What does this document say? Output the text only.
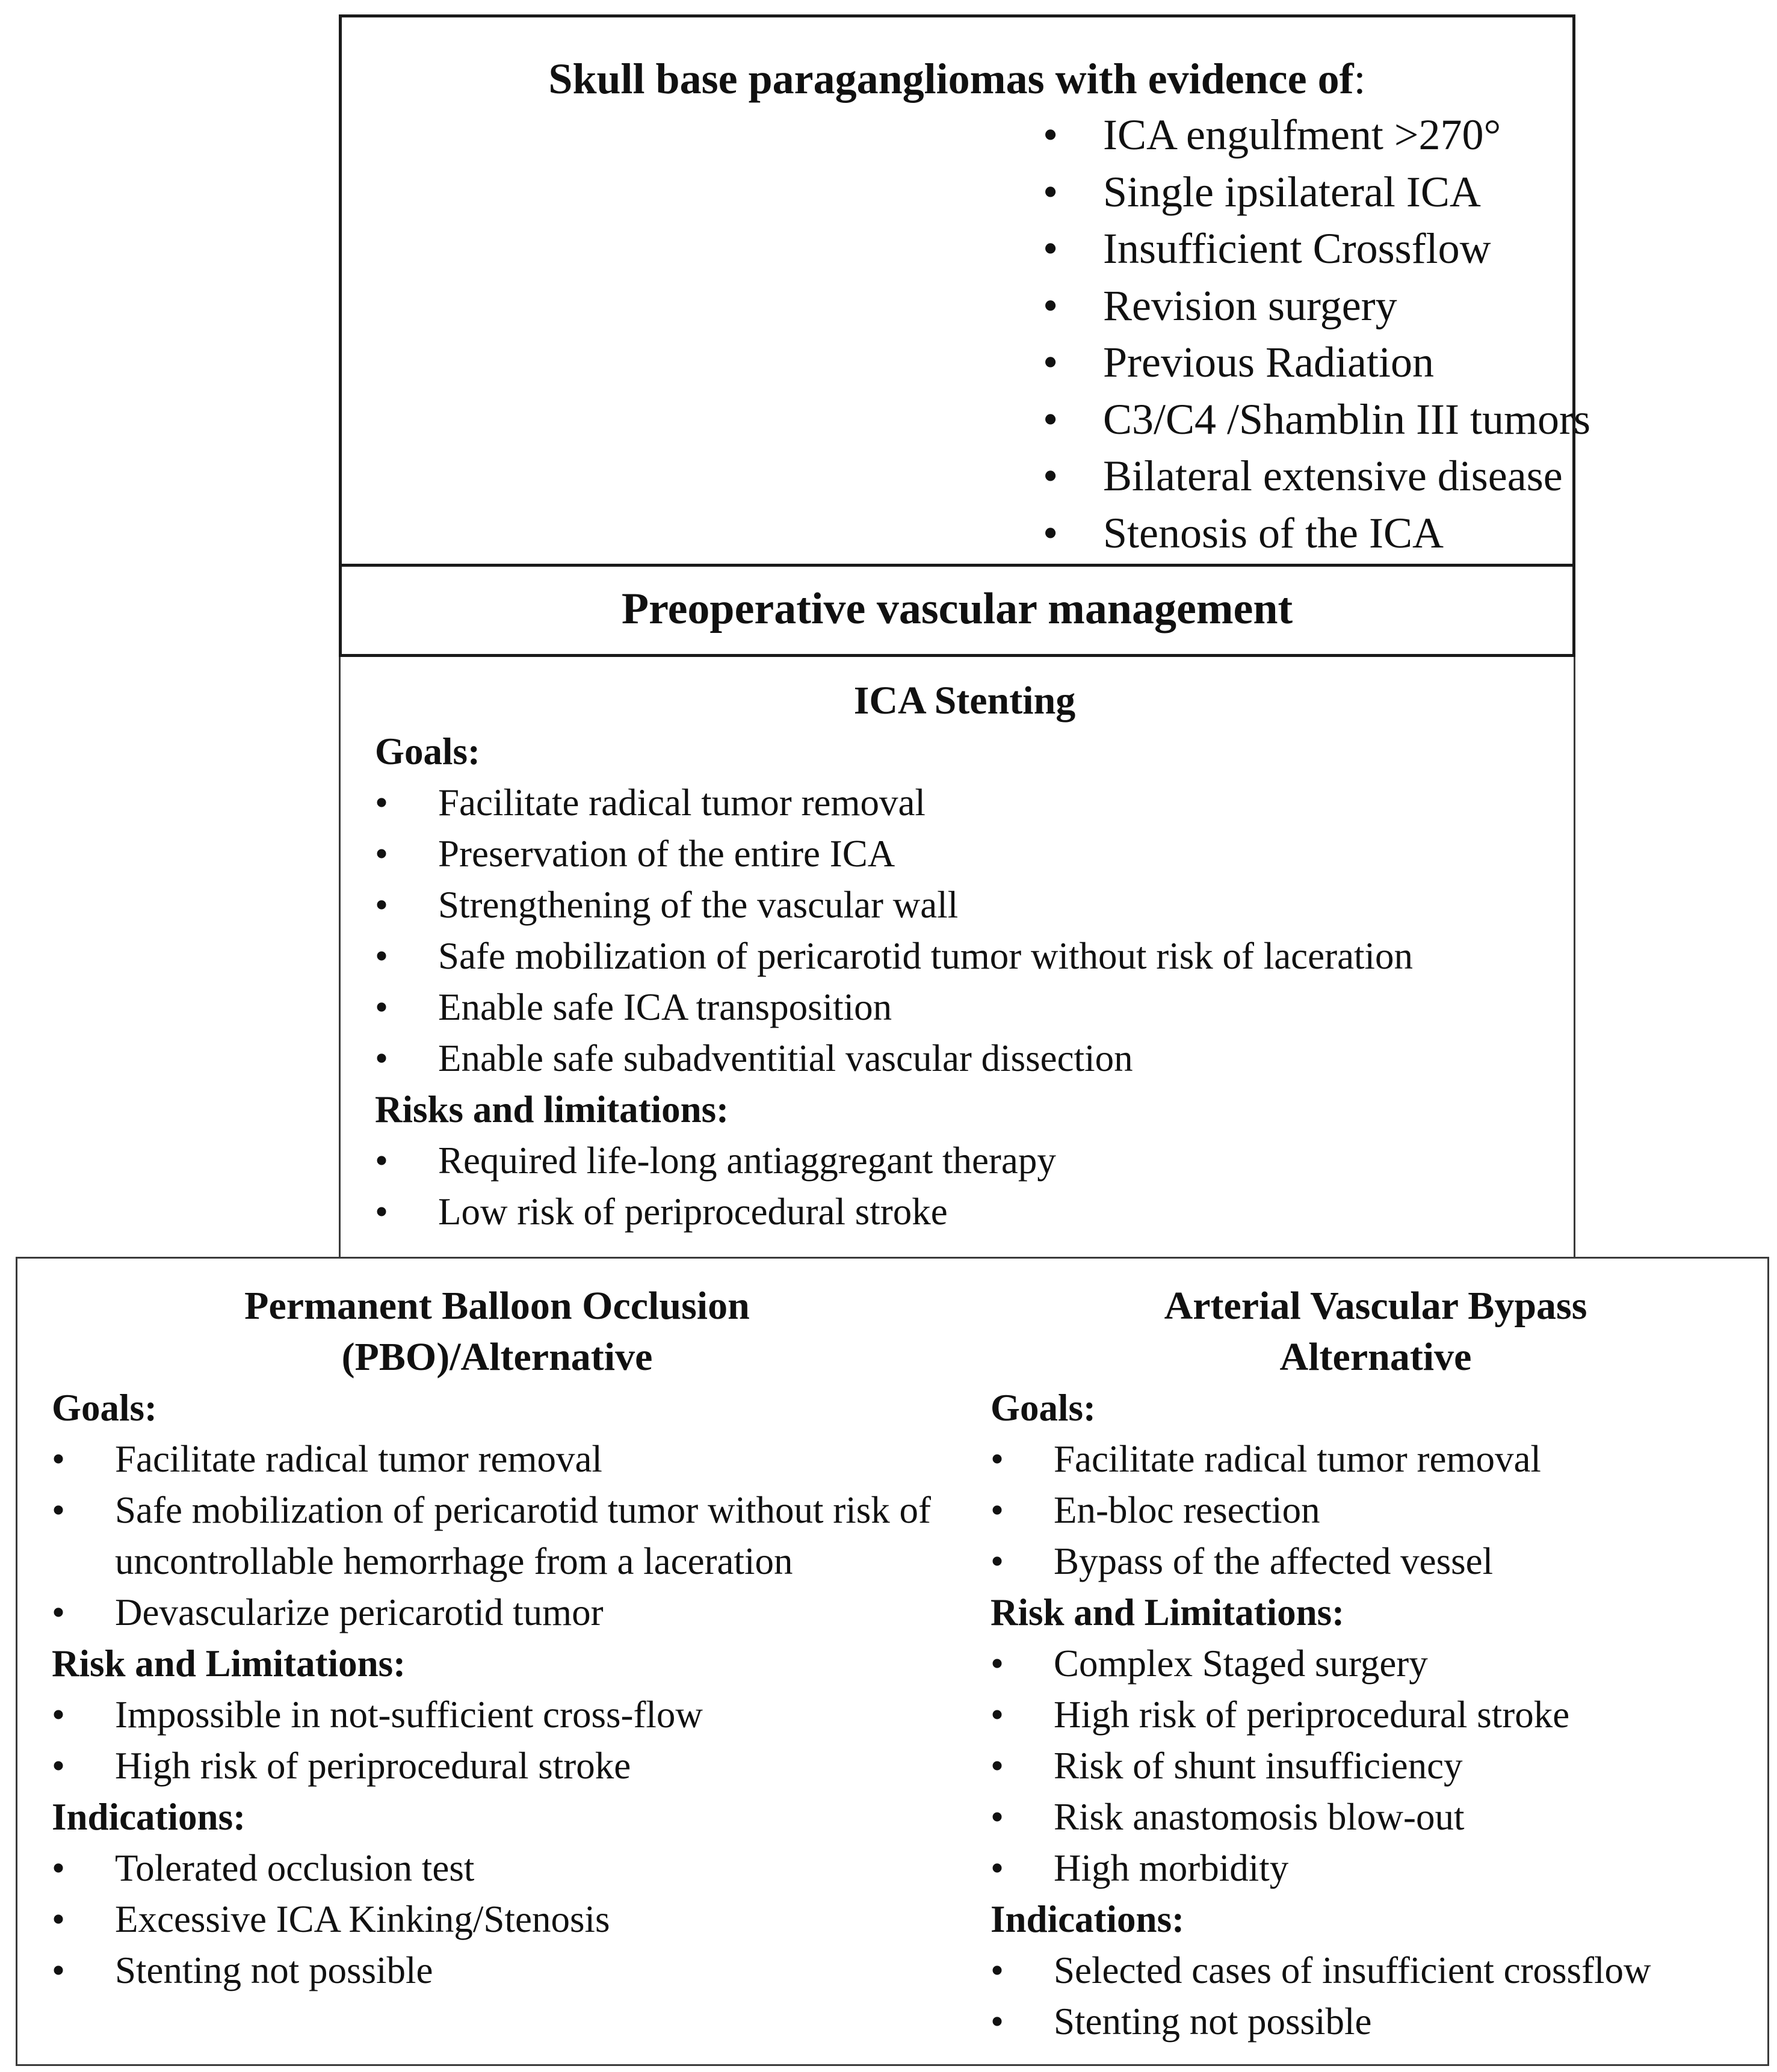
Skull base paragangliomas with evidence of:
• ICA engulfment >270°
• Single ipsilateral ICA
• Insufficient Crossflow
• Revision surgery
• Previous Radiation
• C3/C4 /Shamblin III tumors
• Bilateral extensive disease
• Stenosis of the ICA
Preoperative vascular management

ICA Stenting

Goals:

• Facilitate radical tumor removal
• Preservation of the entire ICA
• Strengthening of the vascular wall
• Safe mobilization of pericarotid tumor without risk of laceration
• Enable safe ICA transposition
• Enable safe subadventitial vascular dissection

Risks and limitations:

• Required life-long antiaggregant therapy
• Low risk of periprocedural stroke

Permanent Balloon Occlusion

(PBO)/Alternative

Goals:

• Facilitate radical tumor removal
• Safe mobilization of pericarotid tumor without risk of uncontrollable hemorrhage from a laceration
• Devascularize pericarotid tumor

Risk and Limitations:

• Impossible in not-sufficient cross-flow
• High risk of periprocedural stroke

Indications:

• Tolerated occlusion test
• Excessive ICA Kinking/Stenosis
• Stenting not possible

Arterial Vascular Bypass

Alternative

Goals:

• Facilitate radical tumor removal
• En-bloc resection
• Bypass of the affected vessel

Risk and Limitations:

• Complex Staged surgery
• High risk of periprocedural stroke
• Risk of shunt insufficiency
• Risk anastomosis blow-out
• High morbidity

Indications:

• Selected cases of insufficient crossflow
• Stenting not possible
